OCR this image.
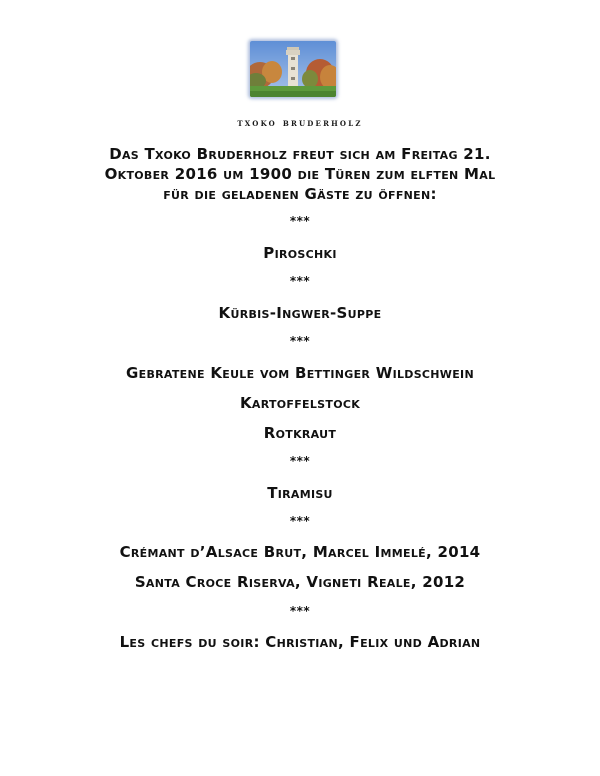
txoko bruderholz
Das Txoko Bruderholz freut sich am Freitag 21.
Oktober 2016 um 1900 die Türen zum elften Mal
für die geladenen Gäste zu öffnen:
***
Piroschki
***
Kürbis-Ingwer-Suppe
***
Gebratene Keule vom Bettinger Wildschwein
Kartoffelstock
Rotkraut
***
Tiramisu
***
Crémant d’Alsace Brut, Marcel Immelé, 2014
Santa Croce Riserva, Vigneti Reale, 2012
***
Les chefs du soir: Christian, Felix und Adrian
